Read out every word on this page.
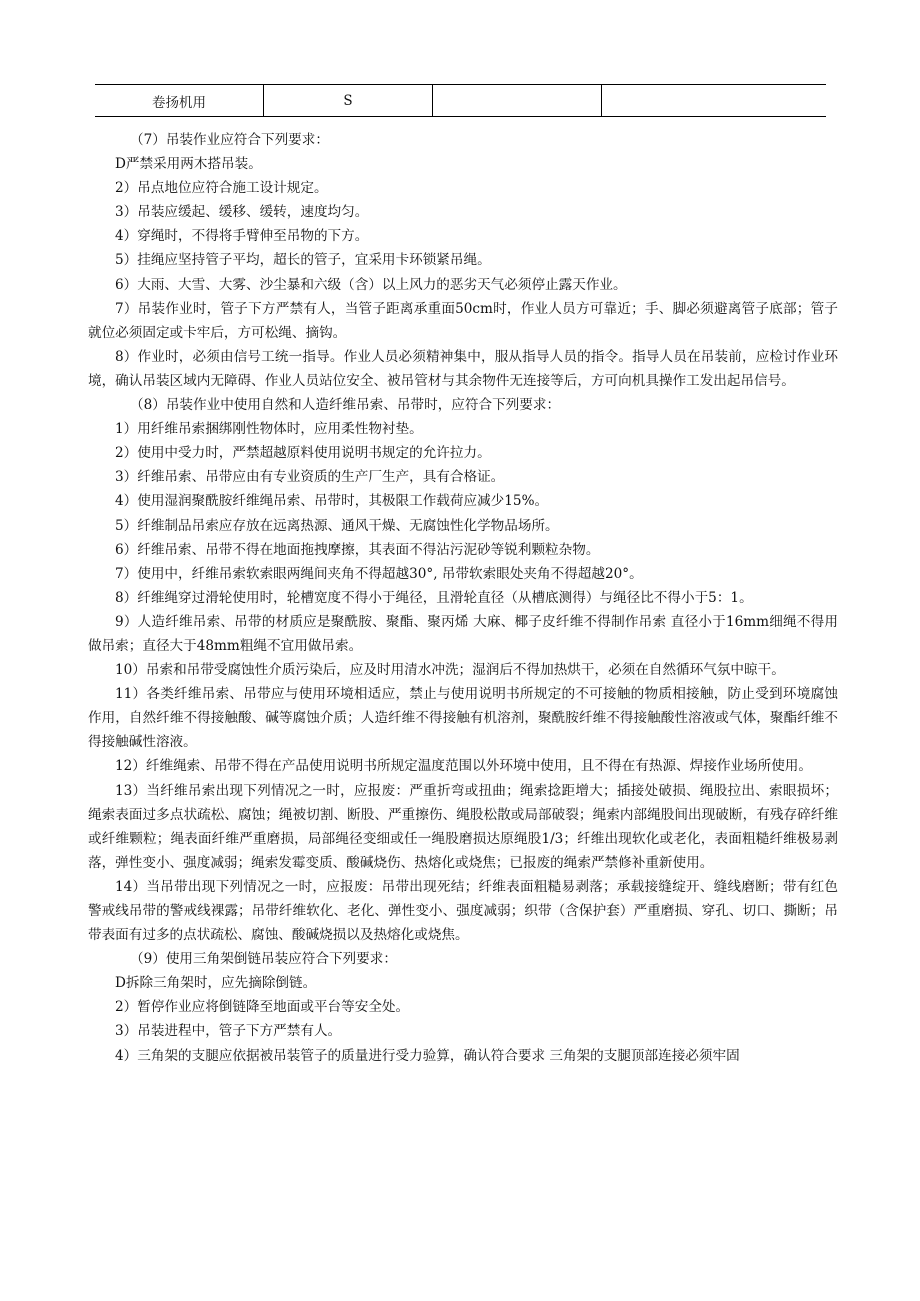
卷扬机用	S		

（7）吊装作业应符合下列要求：

D严禁采用两木搭吊装。

2）吊点地位应符合施工设计规定。

3）吊装应缓起、缓移、缓转，速度均匀。

4）穿绳时，不得将手臂伸至吊物的下方。

5）挂绳应坚持管子平均，超长的管子，宜采用卡环锁紧吊绳。

6）大雨、大雪、大雾、沙尘暴和六级（含）以上风力的恶劣天气必须停止露天作业。

7）吊装作业时，管子下方严禁有人，当管子距离承重面50cm时，作业人员方可靠近；手、脚必须避离管子底部；管子就位必须固定或卡牢后，方可松绳、摘钩。

8）作业时，必须由信号工统一指导。作业人员必须精神集中，服从指导人员的指令。指导人员在吊装前，应检讨作业环境，确认吊装区域内无障碍、作业人员站位安全、被吊管材与其余物件无连接等后，方可向机具操作工发出起吊信号。

（8）吊装作业中使用自然和人造纤维吊索、吊带时，应符合下列要求：

1）用纤维吊索捆绑刚性物体时，应用柔性物衬垫。

2）使用中受力时，严禁超越原料使用说明书规定的允许拉力。

3）纤维吊索、吊带应由有专业资质的生产厂生产，具有合格证。

4）使用湿润聚酰胺纤维绳吊索、吊带时，其极限工作载荷应减少15%。

5）纤维制品吊索应存放在远离热源、通风干燥、无腐蚀性化学物品场所。

6）纤维吊索、吊带不得在地面拖拽摩擦，其表面不得沾污泥砂等锐利颗粒杂物。

7）使用中，纤维吊索软索眼两绳间夹角不得超越30°, 吊带软索眼处夹角不得超越20°。

8）纤维绳穿过滑轮使用时，轮槽宽度不得小于绳径，且滑轮直径（从槽底测得）与绳径比不得小于5：1。

9）人造纤维吊索、吊带的材质应是聚酰胺、聚酯、聚丙烯 大麻、椰子皮纤维不得制作吊索 直径小于16mm细绳不得用做吊索；直径大于48mm粗绳不宜用做吊索。

10）吊索和吊带受腐蚀性介质污染后，应及时用清水冲洗；湿润后不得加热烘干，必须在自然循环气氛中晾干。

11）各类纤维吊索、吊带应与使用环境相适应，禁止与使用说明书所规定的不可接触的物质相接触，防止受到环境腐蚀作用，自然纤维不得接触酸、碱等腐蚀介质；人造纤维不得接触有机溶剂，聚酰胺纤维不得接触酸性溶液或气体，聚酯纤维不得接触碱性溶液。

12）纤维绳索、吊带不得在产品使用说明书所规定温度范围以外环境中使用，且不得在有热源、焊接作业场所使用。

13）当纤维吊索出现下列情况之一时，应报废：严重折弯或扭曲；绳索捻距增大；插接处破损、绳股拉出、索眼损坏；绳索表面过多点状疏松、腐蚀；绳被切割、断股、严重擦伤、绳股松散或局部破裂；绳索内部绳股间出现破断，有残存碎纤维或纤维颗粒；绳表面纤维严重磨损，局部绳径变细或任一绳股磨损达原绳股1/3；纤维出现软化或老化，表面粗糙纤维极易剥落，弹性变小、强度减弱；绳索发霉变质、酸碱烧伤、热熔化或烧焦；已报废的绳索严禁修补重新使用。

14）当吊带出现下列情况之一时，应报废：吊带出现死结；纤维表面粗糙易剥落；承载接缝绽开、缝线磨断；带有红色警戒线吊带的警戒线裸露；吊带纤维软化、老化、弹性变小、强度减弱；织带（含保护套）严重磨损、穿孔、切口、撕断；吊带表面有过多的点状疏松、腐蚀、酸碱烧损以及热熔化或烧焦。

（9）使用三角架倒链吊装应符合下列要求：

D拆除三角架时，应先摘除倒链。

2）暂停作业应将倒链降至地面或平台等安全处。

3）吊装进程中，管子下方严禁有人。

4）三角架的支腿应依据被吊装管子的质量进行受力验算，确认符合要求 三角架的支腿顶部连接必须牢固
